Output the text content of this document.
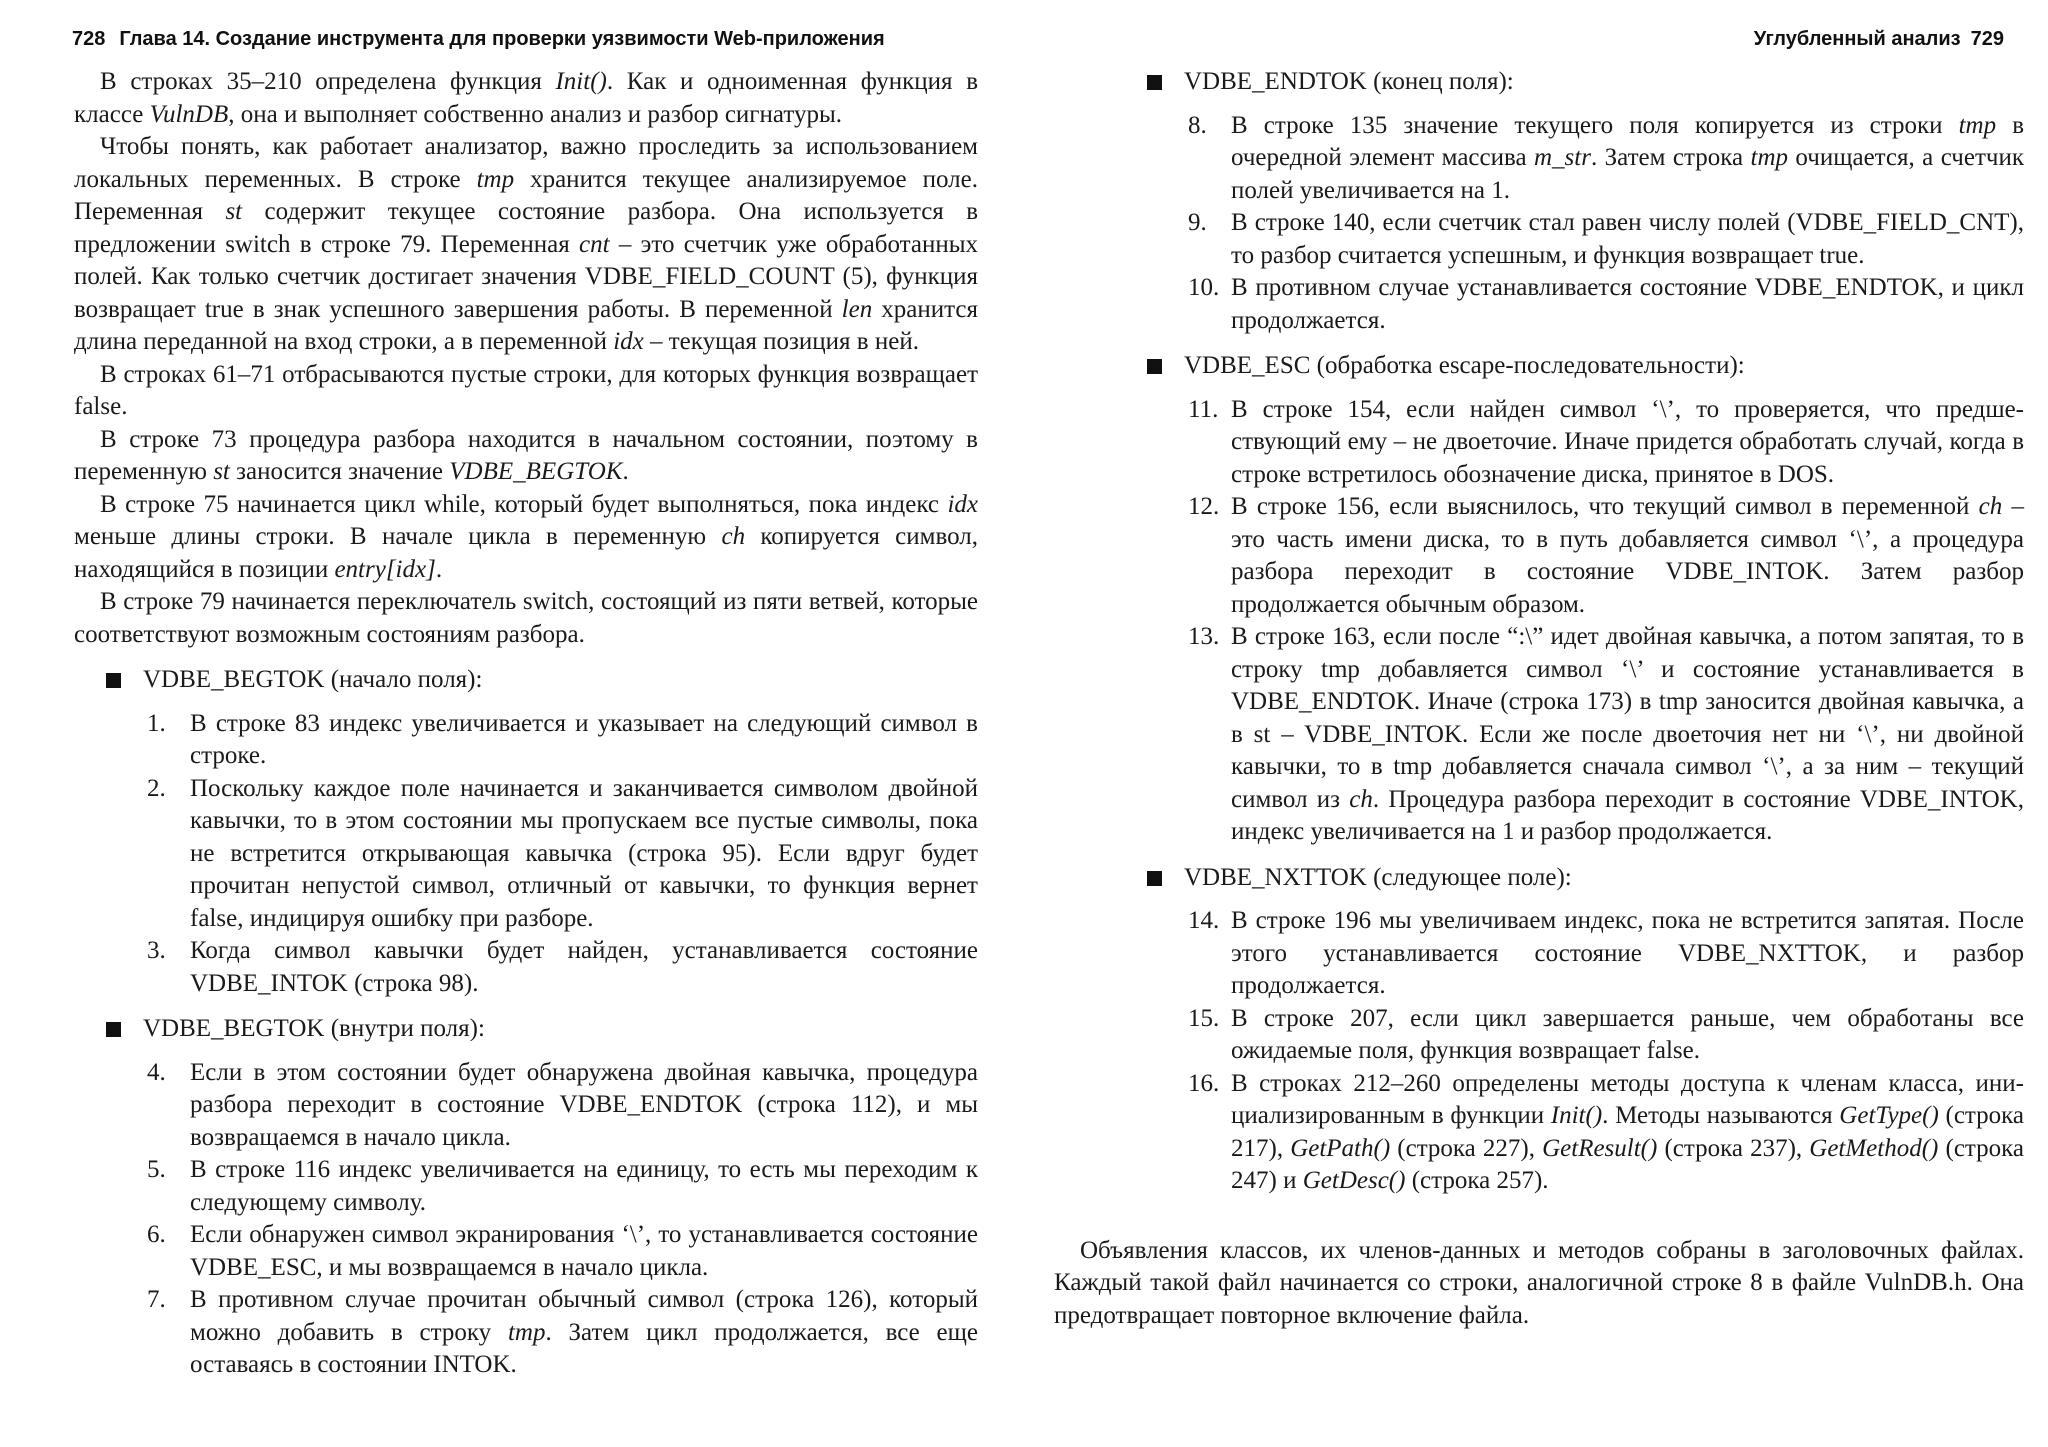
728 Глава 14. Создание инструмента для проверки уязвимости Web-приложения

В строках 35–210 определена функция Init(). Как и одноименная функция в классе VulnDB, она и выполняет собственно анализ и разбор сигнатуры.

Чтобы понять, как работает анализатор, важно проследить за использованием локальных переменных. В строке tmp хранится текущее анализируемое поле. Переменная st содержит текущее состояние разбора. Она используется в предложении switch в строке 79. Переменная cnt – это счетчик уже обработанных полей. Как только счетчик достигает значения VDBE_FIELD_COUNT (5), функция возвращает true в знак успешного завершения работы. В переменной len хранится длина переданной на вход строки, а в переменной idx – текущая позиция в ней.

В строках 61–71 отбрасываются пустые строки, для которых функция возвращает false.

В строке 73 процедура разбора находится в начальном состоянии, поэтому в переменную st заносится значение VDBE_BEGTOK.

В строке 75 начинается цикл while, который будет выполняться, пока индекс idx меньше длины строки. В начале цикла в переменную ch копируется символ, находящийся в позиции entry[idx].

В строке 79 начинается переключатель switch, состоящий из пяти ветвей, которые соответствуют возможным состояниям разбора.

VDBE_BEGTOK (начало поля):
1. В строке 83 индекс увеличивается и указывает на следующий символ в строке.
2. Поскольку каждое поле начинается и заканчивается символом двойной кавычки, то в этом состоянии мы пропускаем все пустые символы, пока не встретится открывающая кавычка (строка 95). Если вдруг будет прочитан непустой символ, отличный от кавычки, то функция вернет false, индицируя ошибку при разборе.
3. Когда символ кавычки будет найден, устанавливается состояние VDBE_INTOK (строка 98).
VDBE_BEGTOK (внутри поля):
4. Если в этом состоянии будет обнаружена двойная кавычка, процедура разбора переходит в состояние VDBE_ENDTOK (строка 112), и мы возвращаемся в начало цикла.
5. В строке 116 индекс увеличивается на единицу, то есть мы переходим к следующему символу.
6. Если обнаружен символ экранирования ‘\’, то устанавливается состояние VDBE_ESC, и мы возвращаемся в начало цикла.
7. В противном случае прочитан обычный символ (строка 126), который можно добавить в строку tmp. Затем цикл продолжается, все еще оставаясь в состоянии INTOK.
Углубленный анализ 729
VDBE_ENDTOK (конец поля):
8. В строке 135 значение текущего поля копируется из строки tmp в очередной элемент массива m_str. Затем строка tmp очищается, а счетчик полей увеличивается на 1.
9. В строке 140, если счетчик стал равен числу полей (VDBE_FIELD_CNT), то разбор считается успешным, и функция возвращает true.
10. В противном случае устанавливается состояние VDBE_ENDTOK, и цикл продолжается.
VDBE_ESC (обработка escape-последовательности):
11. В строке 154, если найден символ ‘\’, то проверяется, что предшествующий ему – не двоеточие. Иначе придется обработать случай, когда в строке встретилось обозначение диска, принятое в DOS.
12. В строке 156, если выяснилось, что текущий символ в переменной ch – это часть имени диска, то в путь добавляется символ ‘\’, а процедура разбора переходит в состояние VDBE_INTOK. Затем разбор продолжается обычным образом.
13. В строке 163, если после “:\” идет двойная кавычка, а потом запятая, то в строку tmp добавляется символ ‘\’ и состояние устанавливается в VDBE_ENDTOK. Иначе (строка 173) в tmp заносится двойная кавычка, а в st – VDBE_INTOK. Если же после двоеточия нет ни ‘\’, ни двойной кавычки, то в tmp добавляется сначала символ ‘\’, а за ним – текущий символ из ch. Процедура разбора переходит в состояние VDBE_INTOK, индекс увеличивается на 1 и разбор продолжается.
VDBE_NXTTOK (следующее поле):
14. В строке 196 мы увеличиваем индекс, пока не встретится запятая. После этого устанавливается состояние VDBE_NXTTOK, и разбор продолжается.
15. В строке 207, если цикл завершается раньше, чем обработаны все ожидаемые поля, функция возвращает false.
16. В строках 212–260 определены методы доступа к членам класса, инициализированным в функции Init(). Методы называются GetType() (строка 217), GetPath() (строка 227), GetResult() (строка 237), GetMethod() (строка 247) и GetDesc() (строка 257).

Объявления классов, их членов-данных и методов собраны в заголовочных файлах. Каждый такой файл начинается со строки, аналогичной строке 8 в файле VulnDB.h. Она предотвращает повторное включение файла.
